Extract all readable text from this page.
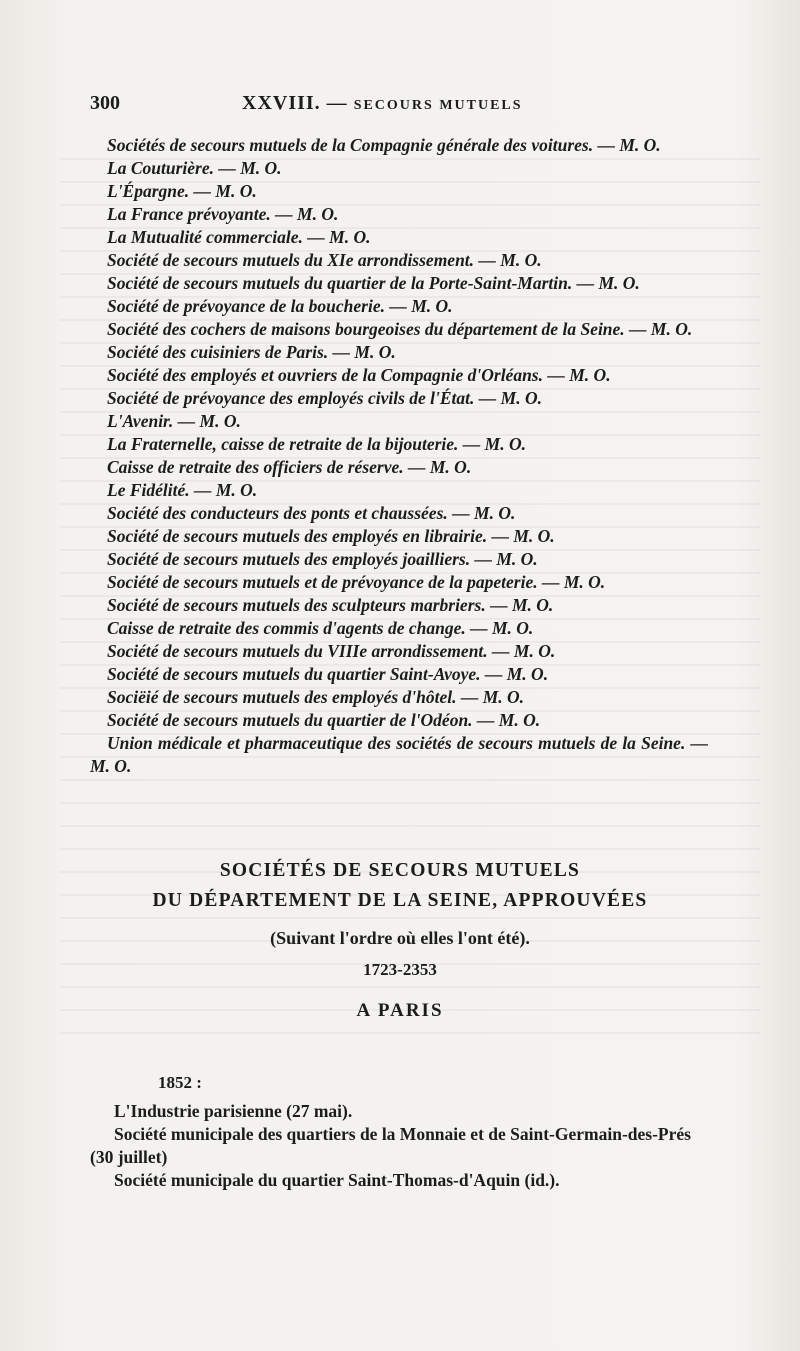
300	XXVIII. — SECOURS MUTUELS
Sociétés de secours mutuels de la Compagnie générale des voitures. — M. O.
La Couturière. — M. O.
L'Épargne. — M. O.
La France prévoyante. — M. O.
La Mutualité commerciale. — M. O.
Société de secours mutuels du XIe arrondissement. — M. O.
Société de secours mutuels du quartier de la Porte-Saint-Martin. — M. O.
Société de prévoyance de la boucherie. — M. O.
Société des cochers de maisons bourgeoises du département de la Seine. — M. O.
Société des cuisiniers de Paris. — M. O.
Société des employés et ouvriers de la Compagnie d'Orléans. — M. O.
Société de prévoyance des employés civils de l'État. — M. O.
L'Avenir. — M. O.
La Fraternelle, caisse de retraite de la bijouterie. — M. O.
Caisse de retraite des officiers de réserve. — M. O.
Le Fidélité. — M. O.
Société des conducteurs des ponts et chaussées. — M. O.
Société de secours mutuels des employés en librairie. — M. O.
Société de secours mutuels des employés joailliers. — M. O.
Société de secours mutuels et de prévoyance de la papeterie. — M. O.
Société de secours mutuels des sculpteurs marbriers. — M. O.
Caisse de retraite des commis d'agents de change. — M. O.
Société de secours mutuels du VIIIe arrondissement. — M. O.
Société de secours mutuels du quartier Saint-Avoye. — M. O.
Sociëié de secours mutuels des employés d'hôtel. — M. O.
Société de secours mutuels du quartier de l'Odéon. — M. O.
Union médicale et pharmaceutique des sociétés de secours mutuels de la Seine. — M. O.
SOCIÉTÉS DE SECOURS MUTUELS
DU DÉPARTEMENT DE LA SEINE, APPROUVÉES
(Suivant l'ordre où elles l'ont été).
1723-2353
A PARIS
1852 :
L'Industrie parisienne (27 mai).
Société municipale des quartiers de la Monnaie et de Saint-Germain-des-Prés (30 juillet)
Société municipale du quartier Saint-Thomas-d'Aquin (id.).
